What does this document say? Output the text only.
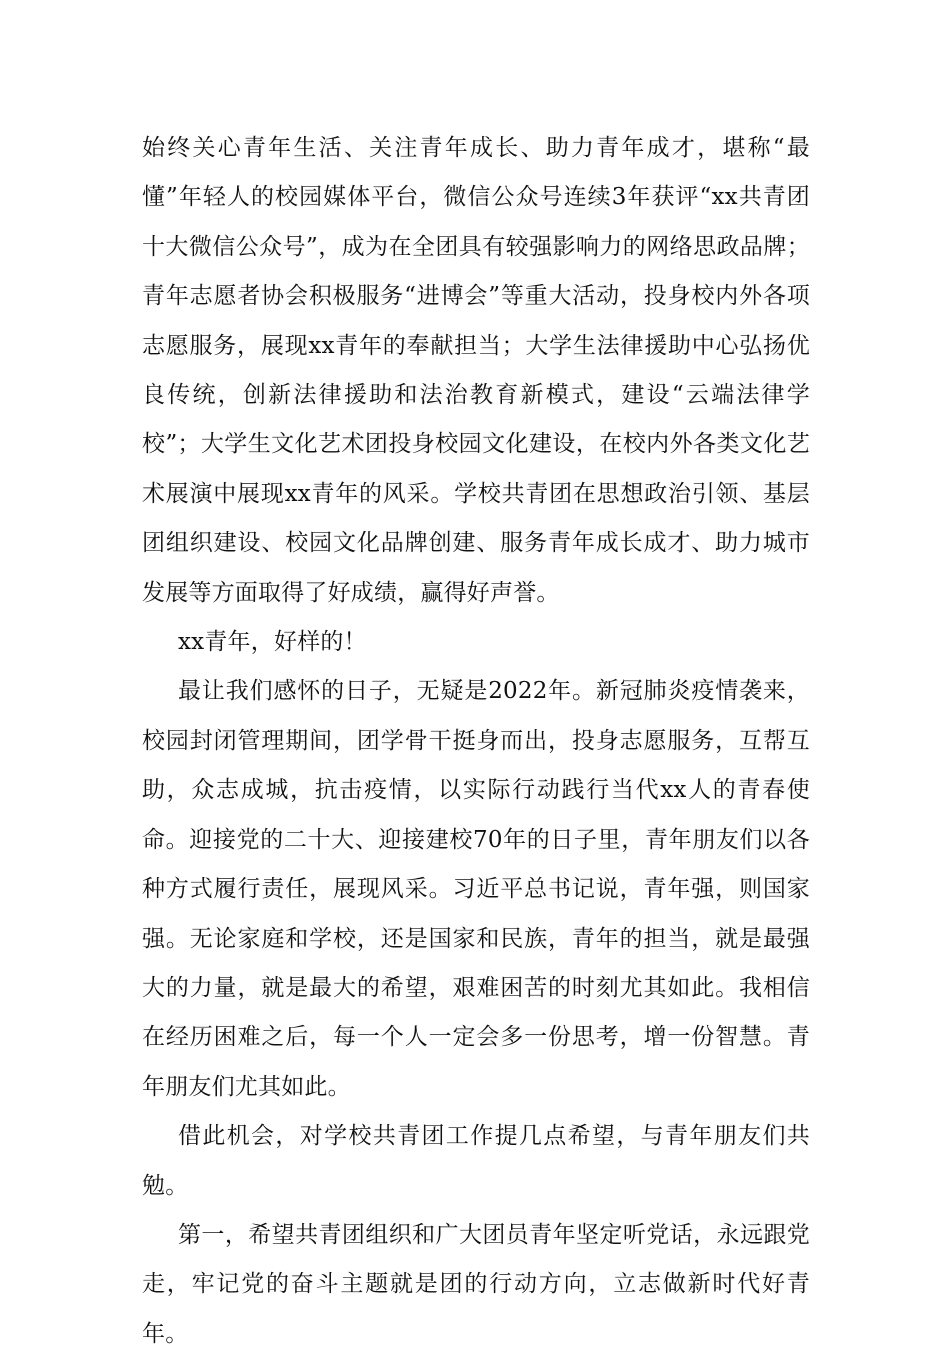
始终关心青年生活、关注青年成长、助力青年成才，堪称“最懂”年轻人的校园媒体平台，微信公众号连续3年获评“xx共青团十大微信公众号”，成为在全团具有较强影响力的网络思政品牌；青年志愿者协会积极服务“进博会”等重大活动，投身校内外各项志愿服务，展现xx青年的奉献担当；大学生法律援助中心弘扬优良传统，创新法律援助和法治教育新模式，建设“云端法律学校”；大学生文化艺术团投身校园文化建设，在校内外各类文化艺术展演中展现xx青年的风采。学校共青团在思想政治引领、基层团组织建设、校园文化品牌创建、服务青年成长成才、助力城市发展等方面取得了好成绩，赢得好声誉。

xx青年，好样的！

最让我们感怀的日子，无疑是2022年。新冠肺炎疫情袭来，校园封闭管理期间，团学骨干挺身而出，投身志愿服务，互帮互助，众志成城，抗击疫情，以实际行动践行当代xx人的青春使命。迎接党的二十大、迎接建校70年的日子里，青年朋友们以各种方式履行责任，展现风采。习近平总书记说，青年强，则国家强。无论家庭和学校，还是国家和民族，青年的担当，就是最强大的力量，就是最大的希望，艰难困苦的时刻尤其如此。我相信在经历困难之后，每一个人一定会多一份思考，增一份智慧。青年朋友们尤其如此。

借此机会，对学校共青团工作提几点希望，与青年朋友们共勉。

第一，希望共青团组织和广大团员青年坚定听党话，永远跟党走，牢记党的奋斗主题就是团的行动方向，立志做新时代好青年。
